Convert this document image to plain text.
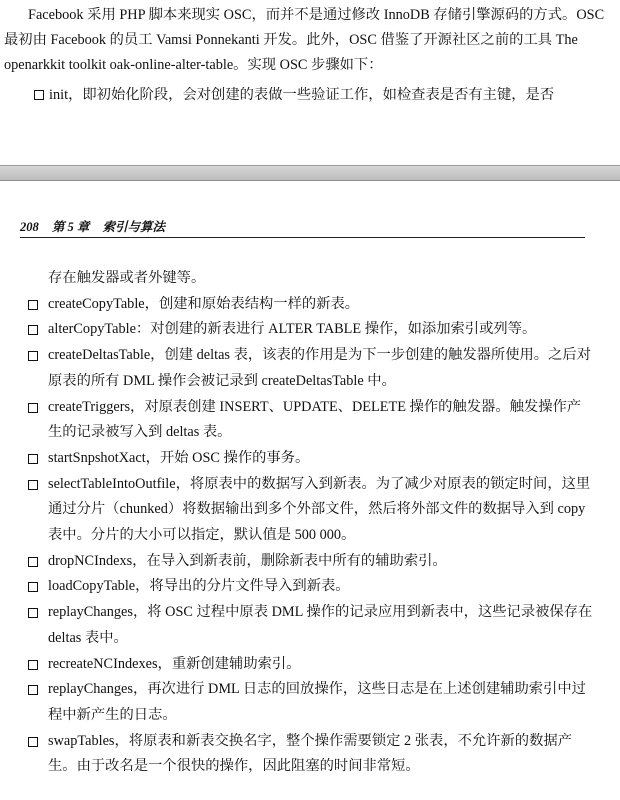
Facebook 采用 PHP 脚本来现实 OSC，而并不是通过修改 InnoDB 存储引擎源码的方式。OSC 最初由 Facebook 的员工 Vamsi Ponnekanti 开发。此外，OSC 借鉴了开源社区之前的工具 The openarkkit toolkit oak-online-alter-table。实现 OSC 步骤如下：

init，即初始化阶段，会对创建的表做一些验证工作，如检查表是否有主键，是否
208 第 5 章 索引与算法
存在触发器或者外键等。
createCopyTable，创建和原始表结构一样的新表。
alterCopyTable：对创建的新表进行 ALTER TABLE 操作，如添加索引或列等。
createDeltasTable，创建 deltas 表，该表的作用是为下一步创建的触发器所使用。之后对原表的所有 DML 操作会被记录到 createDeltasTable 中。
createTriggers，对原表创建 INSERT、UPDATE、DELETE 操作的触发器。触发操作产生的记录被写入到 deltas 表。
startSnpshotXact，开始 OSC 操作的事务。
selectTableIntoOutfile，将原表中的数据写入到新表。为了减少对原表的锁定时间，这里通过分片（chunked）将数据输出到多个外部文件，然后将外部文件的数据导入到 copy 表中。分片的大小可以指定，默认值是 500 000。
dropNCIndexs，在导入到新表前，删除新表中所有的辅助索引。
loadCopyTable，将导出的分片文件导入到新表。
replayChanges，将 OSC 过程中原表 DML 操作的记录应用到新表中，这些记录被保存在 deltas 表中。
recreateNCIndexes，重新创建辅助索引。
replayChanges，再次进行 DML 日志的回放操作，这些日志是在上述创建辅助索引中过程中新产生的日志。
swapTables，将原表和新表交换名字，整个操作需要锁定 2 张表，不允许新的数据产生。由于改名是一个很快的操作，因此阻塞的时间非常短。
